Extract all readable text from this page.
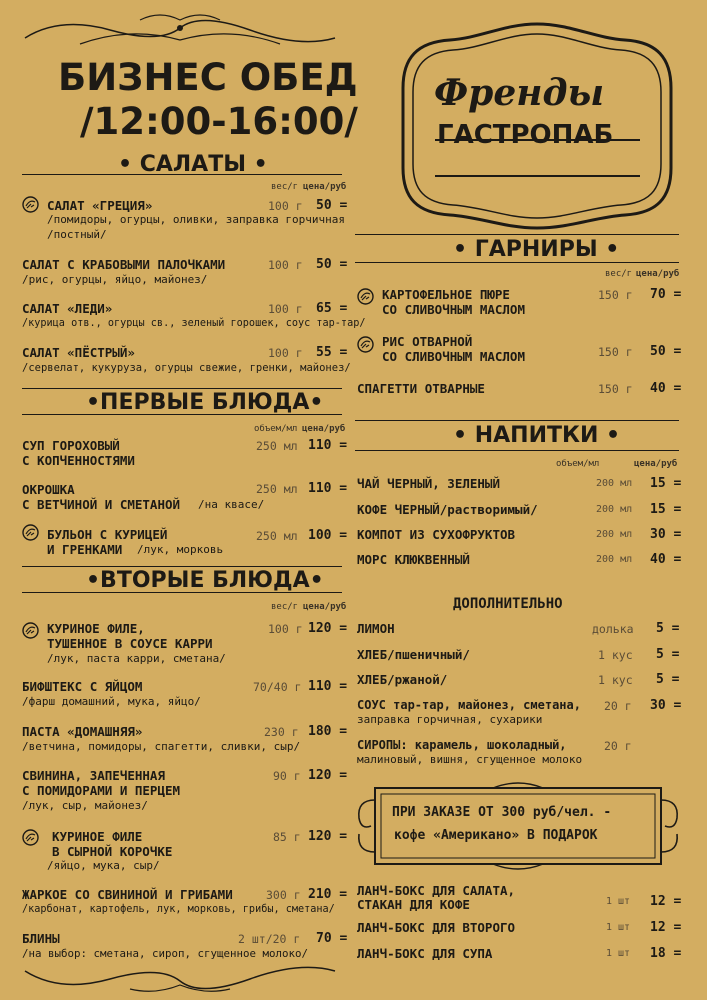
БИЗНЕС ОБЕД
/12:00-16:00/
Френды
ГАСТРОПАБ
• САЛАТЫ •
вес/г цена/руб
САЛАТ «ГРЕЦИЯ»	100 г 50 =
/помидоры, огурцы, оливки, заправка горчичная
/постный/
САЛАТ С КРАБОВЫМИ ПАЛОЧКАМИ	100 г 50 =
/рис, огурцы, яйцо, майонез/
САЛАТ «ЛЕДИ»	100 г 65 =
/курица отв., огурцы св., зеленый горошек, соус тар-тар/
САЛАТ «ПЁСТРЫЙ»	100 г 55 =
/сервелат, кукуруза, огурцы свежие, гренки, майонез/
•ПЕРВЫЕ БЛЮДА•
объем/мл цена/руб
СУП ГОРОХОВЫЙ
С КОПЧЕННОСТЯМИ
250 мл 110 =
ОКРОШКА
С ВЕТЧИНОЙ И СМЕТАНОЙ /на квасе/
250 мл 110 =
БУЛЬОН С КУРИЦЕЙ
И ГРЕНКАМИ /лук, морковь
250 мл 100 =
•ВТОРЫЕ БЛЮДА•
вес/г цена/руб
КУРИНОЕ ФИЛЕ,
ТУШЕННОЕ В СОУСЕ КАРРИ
/лук, паста карри, сметана/
100 г 120 =
БИФШТЕКС С ЯЙЦОМ
/фарш домашний, мука, яйцо/
70/40 г 110 =
ПАСТА «ДОМАШНЯЯ»
/ветчина, помидоры, спагетти, сливки, сыр/
230 г 180 =
СВИНИНА, ЗАПЕЧЕННАЯ
С ПОМИДОРАМИ И ПЕРЦЕМ
/лук, сыр, майонез/
90 г 120 =
КУРИНОЕ ФИЛЕ
В СЫРНОЙ КОРОЧКЕ
/яйцо, мука, сыр/
85 г 120 =
ЖАРКОЕ СО СВИНИНОЙ И ГРИБАМИ
/карбонат, картофель, лук, морковь, грибы, сметана/
300 г 210 =
БЛИНЫ
/на выбор: сметана, сироп, сгущенное молоко/
2 шт/20 г 70 =
• ГАРНИРЫ •
вес/г цена/руб
КАРТОФЕЛЬНОЕ ПЮРЕ
СО СЛИВОЧНЫМ МАСЛОМ
150 г 70 =
РИС ОТВАРНОЙ
СО СЛИВОЧНЫМ МАСЛОМ	150 г 50 =
СПАГЕТТИ ОТВАРНЫЕ	150 г 40 =
• НАПИТКИ •
объем/мл	цена/руб
ЧАЙ ЧЕРНЫЙ, ЗЕЛЕНЫЙ	200 мл 15 =
КОФЕ ЧЕРНЫЙ/растворимый/	200 мл 15 =
КОМПОТ ИЗ СУХОФРУКТОВ	200 мл 30 =
МОРС КЛЮКВЕННЫЙ	200 мл 40 =
ДОПОЛНИТЕЛЬНО
ЛИМОН	долька 5 =
ХЛЕБ/пшеничный/	1 кус 5 =
ХЛЕБ/ржаной/	1 кус 5 =
СОУС тар-тар, майонез, сметана,
заправка горчичная, сухарики
20 г 30 =
СИРОПЫ: карамель, шоколадный,
малиновый, вишня, сгущенное молоко
20 г
ПРИ ЗАКАЗЕ ОТ 300 руб/чел. -
кофе «Американо» В ПОДАРОК
ЛАНЧ-БОКС ДЛЯ САЛАТА,
СТАКАН ДЛЯ КОФЕ	1 шт 12 =
ЛАНЧ-БОКС ДЛЯ ВТОРОГО	1 шт 12 =
ЛАНЧ-БОКС ДЛЯ СУПА	1 шт 18 =
